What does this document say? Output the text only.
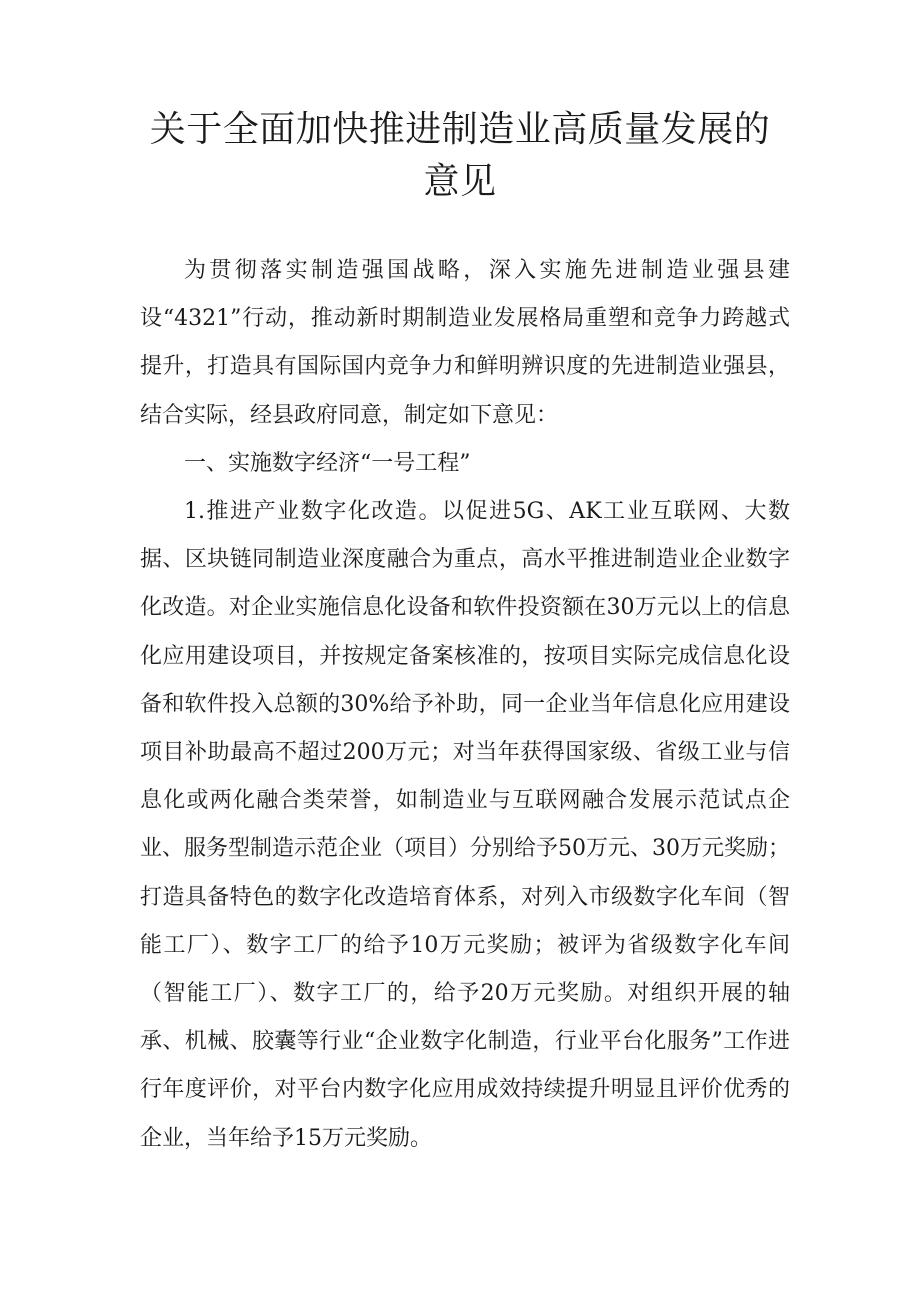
关于全面加快推进制造业高质量发展的意见

为贯彻落实制造强国战略，深入实施先进制造业强县建设“4321”行动，推动新时期制造业发展格局重塑和竞争力跨越式提升，打造具有国际国内竞争力和鲜明辨识度的先进制造业强县，结合实际，经县政府同意，制定如下意见：

一、实施数字经济“一号工程”

1.推进产业数字化改造。以促进5G、AK工业互联网、大数据、区块链同制造业深度融合为重点，高水平推进制造业企业数字化改造。对企业实施信息化设备和软件投资额在30万元以上的信息化应用建设项目，并按规定备案核准的，按项目实际完成信息化设备和软件投入总额的30%给予补助，同一企业当年信息化应用建设项目补助最高不超过200万元；对当年获得国家级、省级工业与信息化或两化融合类荣誉，如制造业与互联网融合发展示范试点企业、服务型制造示范企业（项目）分别给予50万元、30万元奖励；打造具备特色的数字化改造培育体系，对列入市级数字化车间（智能工厂）、数字工厂的给予10万元奖励；被评为省级数字化车间（智能工厂）、数字工厂的，给予20万元奖励。对组织开展的轴承、机械、胶囊等行业“企业数字化制造，行业平台化服务”工作进行年度评价，对平台内数字化应用成效持续提升明显且评价优秀的企业，当年给予15万元奖励。
